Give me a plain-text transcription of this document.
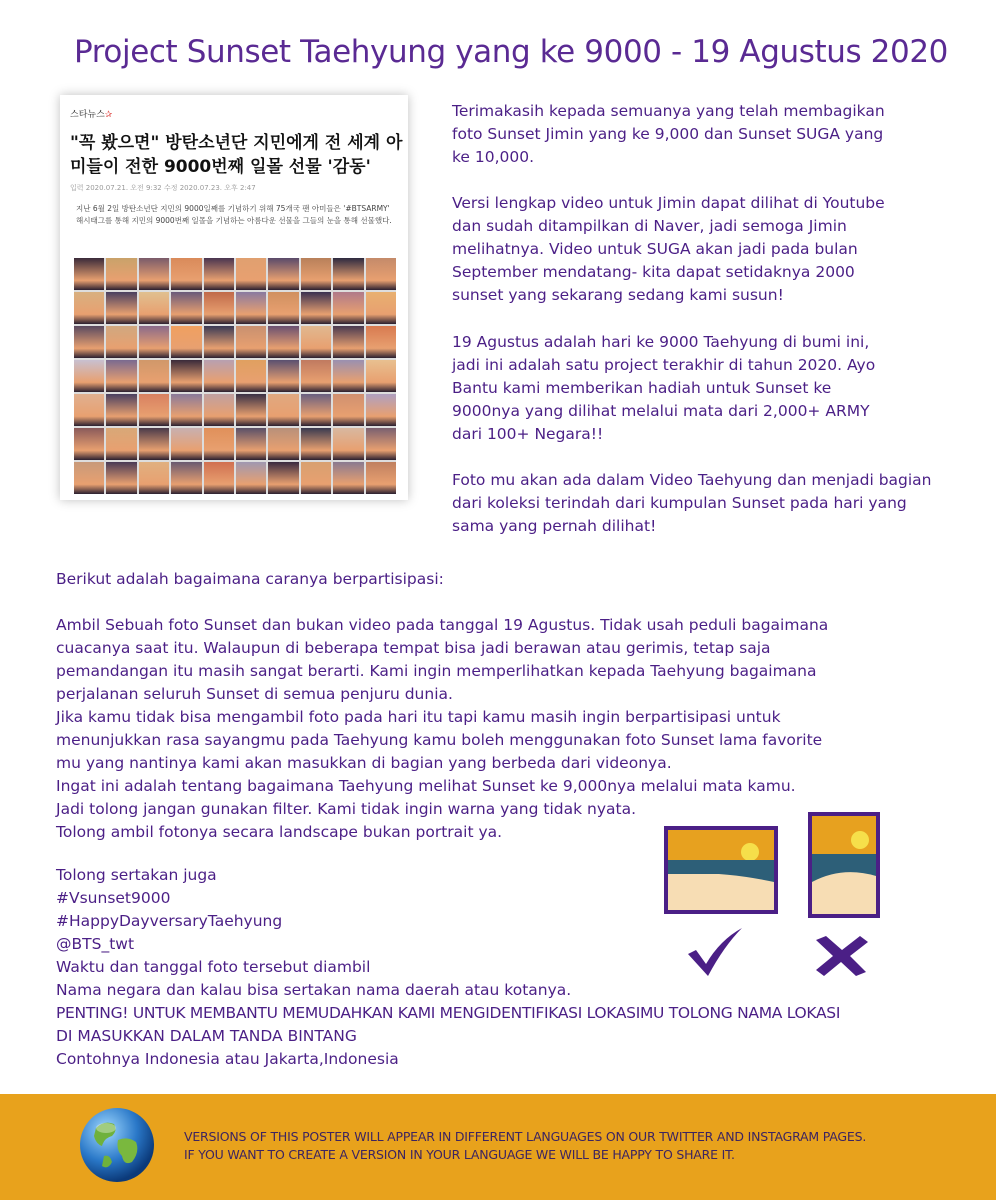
Project Sunset Taehyung yang ke 9000 - 19 Agustus 2020
스타뉴스✰
"꼭 봤으면" 방탄소년단 지민에게 전 세계 아미들이 전한 9000번째 일몰 선물 '감동'
입력 2020.07.21. 오전 9:32 수정 2020.07.23. 오후 2:47
지난 6월 2일 방탄소년단 지민의 9000일째를 기념하기 위해 75개국 팬 아미들은 '#BTSARMY' 해시태그를 통해 지민의 9000번째 일몰을 기념하는 아름다운 선물을 그들의 눈을 통해 선물했다.
Terimakasih kepada semuanya yang telah membagikan
foto Sunset Jimin yang ke 9,000 dan Sunset SUGA yang
ke 10,000.
Versi lengkap video untuk Jimin dapat dilihat di Youtube
dan sudah ditampilkan di Naver, jadi semoga Jimin
melihatnya. Video untuk SUGA akan jadi pada bulan
September mendatang- kita dapat setidaknya 2000
sunset yang sekarang sedang kami susun!
19 Agustus adalah hari ke 9000 Taehyung di bumi ini,
jadi ini adalah satu project terakhir di tahun 2020. Ayo
Bantu kami memberikan hadiah untuk Sunset ke
9000nya yang dilihat melalui mata dari 2,000+ ARMY
dari 100+ Negara!!
Foto mu akan ada dalam Video Taehyung dan menjadi bagian
dari koleksi terindah dari kumpulan Sunset pada hari yang
sama yang pernah dilihat!
Berikut adalah bagaimana caranya berpartisipasi:
Ambil Sebuah foto Sunset dan bukan video pada tanggal 19 Agustus. Tidak usah peduli bagaimana
cuacanya saat itu. Walaupun di beberapa tempat bisa jadi berawan atau gerimis, tetap saja
pemandangan itu masih sangat berarti. Kami ingin memperlihatkan kepada Taehyung bagaimana
perjalanan seluruh Sunset di semua penjuru dunia.
Jika kamu tidak bisa mengambil foto pada hari itu tapi kamu masih ingin berpartisipasi untuk
menunjukkan rasa sayangmu pada Taehyung kamu boleh menggunakan foto Sunset lama favorite
mu yang nantinya kami akan masukkan di bagian yang berbeda dari videonya.
Ingat ini adalah tentang bagaimana Taehyung melihat Sunset ke 9,000nya melalui mata kamu.
Jadi tolong jangan gunakan filter. Kami tidak ingin warna yang tidak nyata.
Tolong ambil fotonya secara landscape bukan portrait ya.
Tolong sertakan juga
#Vsunset9000
#HappyDayversaryTaehyung
@BTS_twt
Waktu dan tanggal foto tersebut diambil
Nama negara dan kalau bisa sertakan nama daerah atau kotanya.
PENTING! UNTUK MEMBANTU MEMUDAHKAN KAMI MENGIDENTIFIKASI LOKASIMU TOLONG NAMA LOKASI
DI MASUKKAN DALAM TANDA BINTANG
Contohnya Indonesia atau Jakarta,Indonesia
VERSIONS OF THIS POSTER WILL APPEAR IN DIFFERENT LANGUAGES ON OUR TWITTER AND INSTAGRAM PAGES.
IF YOU WANT TO CREATE A VERSION IN YOUR LANGUAGE WE WILL BE HAPPY TO SHARE IT.
